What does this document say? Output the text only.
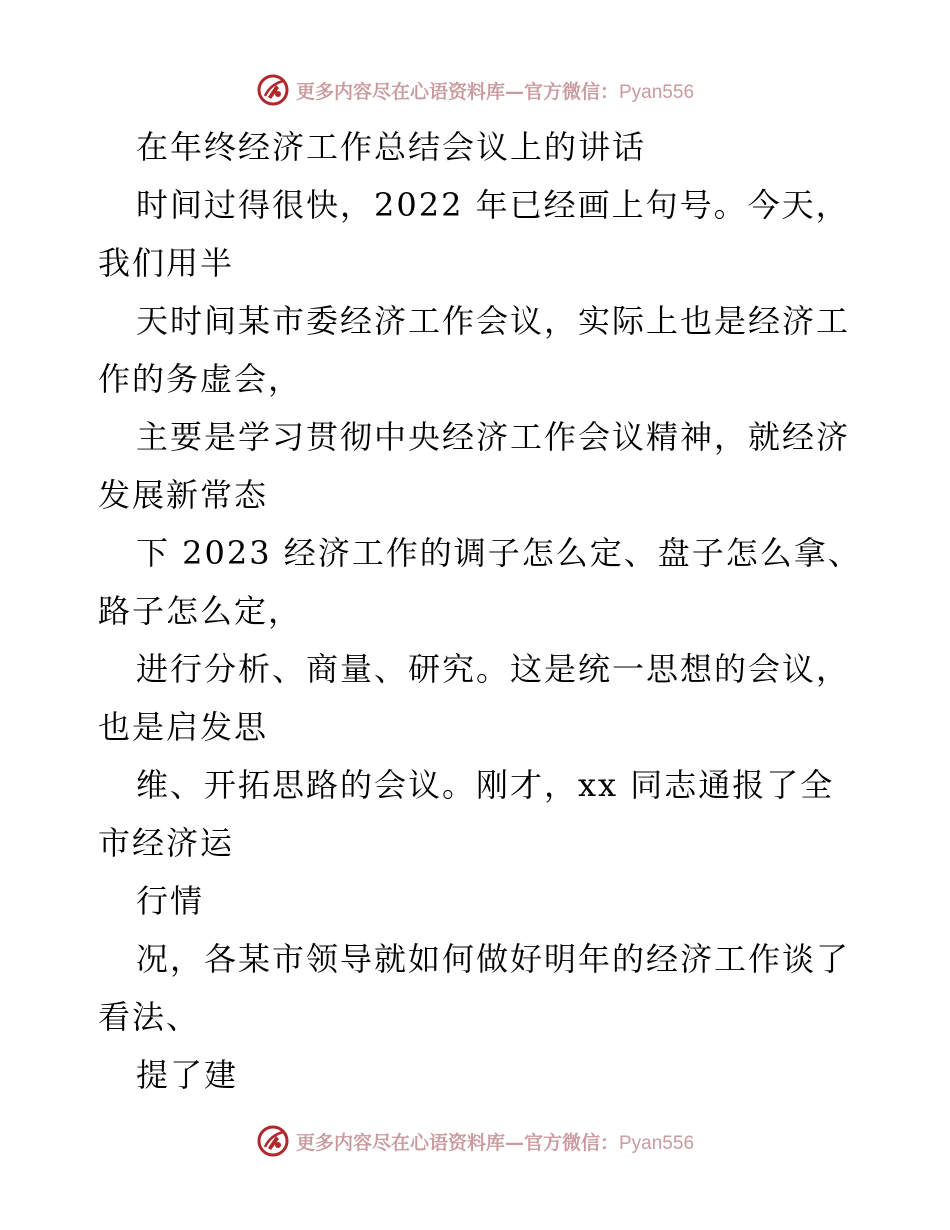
更多内容尽在心语资料库—官方微信：Pyan556
在年终经济工作总结会议上的讲话
时间过得很快，2022 年已经画上句号。今天，
我们用半
天时间某市委经济工作会议，实际上也是经济工
作的务虚会，
主要是学习贯彻中央经济工作会议精神，就经济
发展新常态
下 2023 经济工作的调子怎么定、盘子怎么拿、
路子怎么定，
进行分析、商量、研究。这是统一思想的会议，
也是启发思
维、开拓思路的会议。刚才，xx 同志通报了全
市经济运
行情
况，各某市领导就如何做好明年的经济工作谈了
看法、
提了建
更多内容尽在心语资料库—官方微信：Pyan556
